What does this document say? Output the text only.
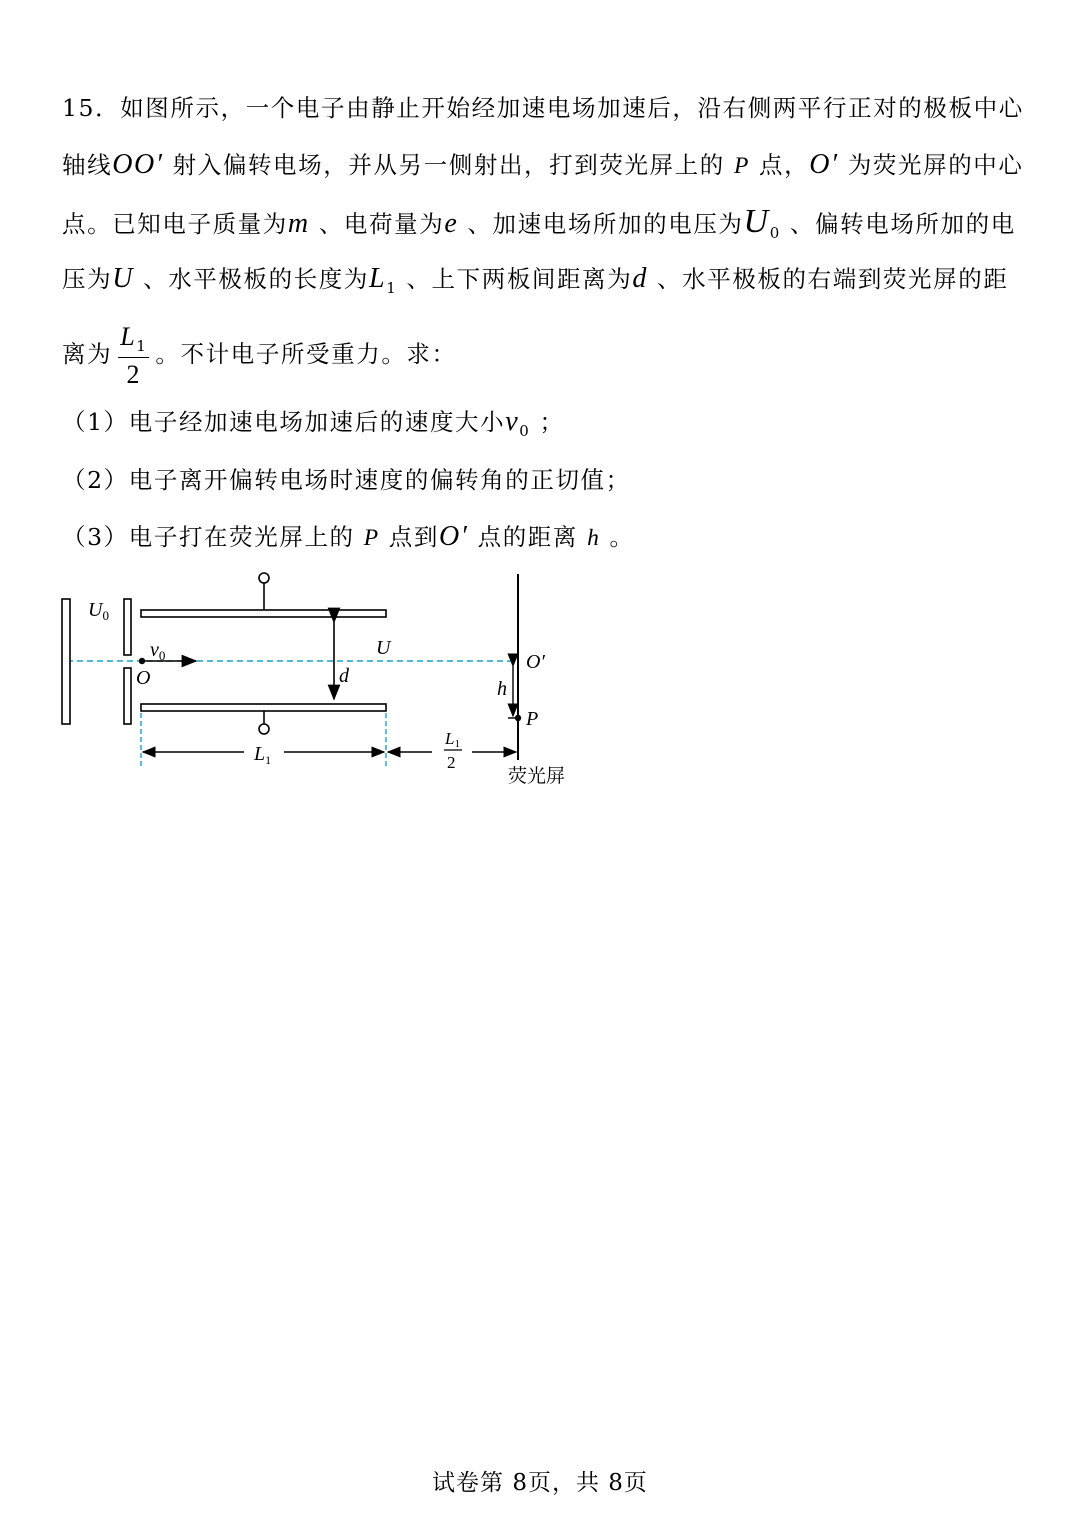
15．如图所示，一个电子由静止开始经加速电场加速后，沿右侧两平行正对的极板中心
轴线OO′ 射入偏转电场，并从另一侧射出，打到荧光屏上的 P 点，O′ 为荧光屏的中心
点。已知电子质量为m 、电荷量为e 、加速电场所加的电压为$U_0$ 、偏转电场所加的电
压为U 、水平极板的长度为$L_1$ 、上下两板间距离为d 、水平极板的右端到荧光屏的距
离为 $\frac{L_1}{2}$ 。不计电子所受重力。求：
（1）电子经加速电场加速后的速度大小$v_0$ ；
（2）电子离开偏转电场时速度的偏转角的正切值；
（3）电子打在荧光屏上的 P 点到O′ 点的距离 h 。
$U_0$
$v_0$
O
U
d
O′
h
P
$L_1$
L1
2
荧光屏
试卷第 8页，共 8页
